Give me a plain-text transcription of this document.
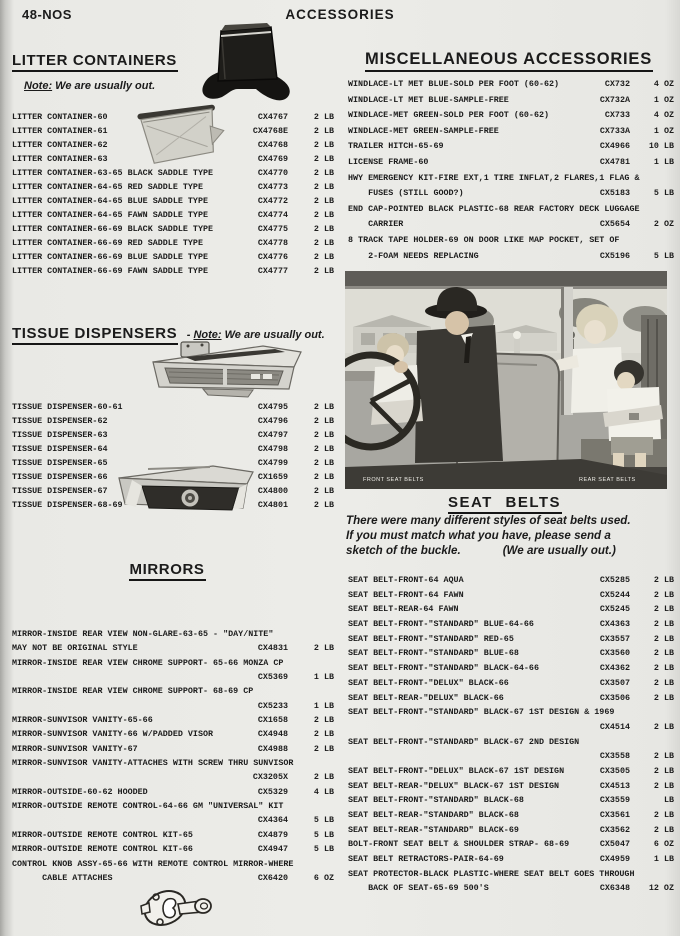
48-NOS	ACCESSORIES
LITTER CONTAINERS
Note: We are usually out.
LITTER CONTAINER-60	CX4767	2 LB
LITTER CONTAINER-61	CX4768E	2 LB
LITTER CONTAINER-62	CX4768	2 LB
LITTER CONTAINER-63	CX4769	2 LB
LITTER CONTAINER-63-65 BLACK SADDLE TYPE	CX4770	2 LB
LITTER CONTAINER-64-65 RED SADDLE TYPE	CX4773	2 LB
LITTER CONTAINER-64-65 BLUE SADDLE TYPE	CX4772	2 LB
LITTER CONTAINER-64-65 FAWN SADDLE TYPE	CX4774	2 LB
LITTER CONTAINER-66-69 BLACK SADDLE TYPE	CX4775	2 LB
LITTER CONTAINER-66-69 RED SADDLE TYPE	CX4778	2 LB
LITTER CONTAINER-66-69 BLUE SADDLE TYPE	CX4776	2 LB
LITTER CONTAINER-66-69 FAWN SADDLE TYPE	CX4777	2 LB
TISSUE DISPENSERS - Note: We are usually out.
TISSUE DISPENSER-60-61	CX4795	2 LB
TISSUE DISPENSER-62	CX4796	2 LB
TISSUE DISPENSER-63	CX4797	2 LB
TISSUE DISPENSER-64	CX4798	2 LB
TISSUE DISPENSER-65	CX4799	2 LB
TISSUE DISPENSER-66	CX1659	2 LB
TISSUE DISPENSER-67	CX4800	2 LB
TISSUE DISPENSER-68-69	CX4801	2 LB
MIRRORS
MIRROR-INSIDE REAR VIEW NON-GLARE-63-65 - "DAY/NITE"
MAY NOT BE ORIGINAL STYLE	CX4831	2 LB
MIRROR-INSIDE REAR VIEW CHROME SUPPORT- 65-66 MONZA CP
CX5369	1 LB
MIRROR-INSIDE REAR VIEW CHROME SUPPORT- 68-69 CP
CX5233	1 LB
MIRROR-SUNVISOR VANITY-65-66	CX1658	2 LB
MIRROR-SUNVISOR VANITY-66 W/PADDED VISOR	CX4948	2 LB
MIRROR-SUNVISOR VANITY-67	CX4988	2 LB
MIRROR-SUNVISOR VANITY-ATTACHES WITH SCREW THRU SUNVISOR
CX3205X	2 LB
MIRROR-OUTSIDE-60-62 HOODED	CX5329	4 LB
MIRROR-OUTSIDE REMOTE CONTROL-64-66 GM "UNIVERSAL" KIT
CX4364	5 LB
MIRROR-OUTSIDE REMOTE CONTROL KIT-65	CX4879	5 LB
MIRROR-OUTSIDE REMOTE CONTROL KIT-66	CX4947	5 LB
CONTROL KNOB ASSY-65-66 WITH REMOTE CONTROL MIRROR-WHERE
CABLE ATTACHES	CX6420	6 OZ
MISCELLANEOUS ACCESSORIES
WINDLACE-LT MET BLUE-SOLD PER FOOT (60-62)	CX732	4 OZ
WINDLACE-LT MET BLUE-SAMPLE-FREE	CX732A	1 OZ
WINDLACE-MET GREEN-SOLD PER FOOT (60-62)	CX733	4 OZ
WINDLACE-MET GREEN-SAMPLE-FREE	CX733A	1 OZ
TRAILER HITCH-65-69	CX4966	10 LB
LICENSE FRAME-60	CX4781	1 LB
HWY EMERGENCY KIT-FIRE EXT,1 TIRE INFLAT,2 FLARES,1 FLAG &
FUSES (STILL GOOD?)	CX5183	5 LB
END CAP-POINTED BLACK PLASTIC-68 REAR FACTORY DECK LUGGAGE
CARRIER	CX5654	2 OZ
8 TRACK TAPE HOLDER-69 ON DOOR LIKE MAP POCKET, SET OF
2-FOAM NEEDS REPLACING	CX5196	5 LB
FRONT SEAT BELTS	REAR SEAT BELTS
SEAT BELTS
There were many different styles of seat belts used.
If you must match what you have, please send a
sketch of the buckle.	(We are usually out.)
SEAT BELT-FRONT-64 AQUA	CX5285	2 LB
SEAT BELT-FRONT-64 FAWN	CX5244	2 LB
SEAT BELT-REAR-64 FAWN	CX5245	2 LB
SEAT BELT-FRONT-"STANDARD" BLUE-64-66	CX4363	2 LB
SEAT BELT-FRONT-"STANDARD" RED-65	CX3557	2 LB
SEAT BELT-FRONT-"STANDARD" BLUE-68	CX3560	2 LB
SEAT BELT-FRONT-"STANDARD" BLACK-64-66	CX4362	2 LB
SEAT BELT-FRONT-"DELUX" BLACK-66	CX3507	2 LB
SEAT BELT-REAR-"DELUX" BLACK-66	CX3506	2 LB
SEAT BELT-FRONT-"STANDARD" BLACK-67 1ST DESIGN & 1969
CX4514	2 LB
SEAT BELT-FRONT-"STANDARD" BLACK-67 2ND DESIGN
CX3558	2 LB
SEAT BELT-FRONT-"DELUX" BLACK-67 1ST DESIGN	CX3505	2 LB
SEAT BELT-REAR-"DELUX" BLACK-67 1ST DESIGN	CX4513	2 LB
SEAT BELT-FRONT-"STANDARD" BLACK-68	CX3559	LB
SEAT BELT-REAR-"STANDARD" BLACK-68	CX3561	2 LB
SEAT BELT-REAR-"STANDARD" BLACK-69	CX3562	2 LB
BOLT-FRONT SEAT BELT & SHOULDER STRAP- 68-69	CX5047	6 OZ
SEAT BELT RETRACTORS-PAIR-64-69	CX4959	1 LB
SEAT PROTECTOR-BLACK PLASTIC-WHERE SEAT BELT GOES THROUGH
BACK OF SEAT-65-69 500'S	CX6348	12 OZ
